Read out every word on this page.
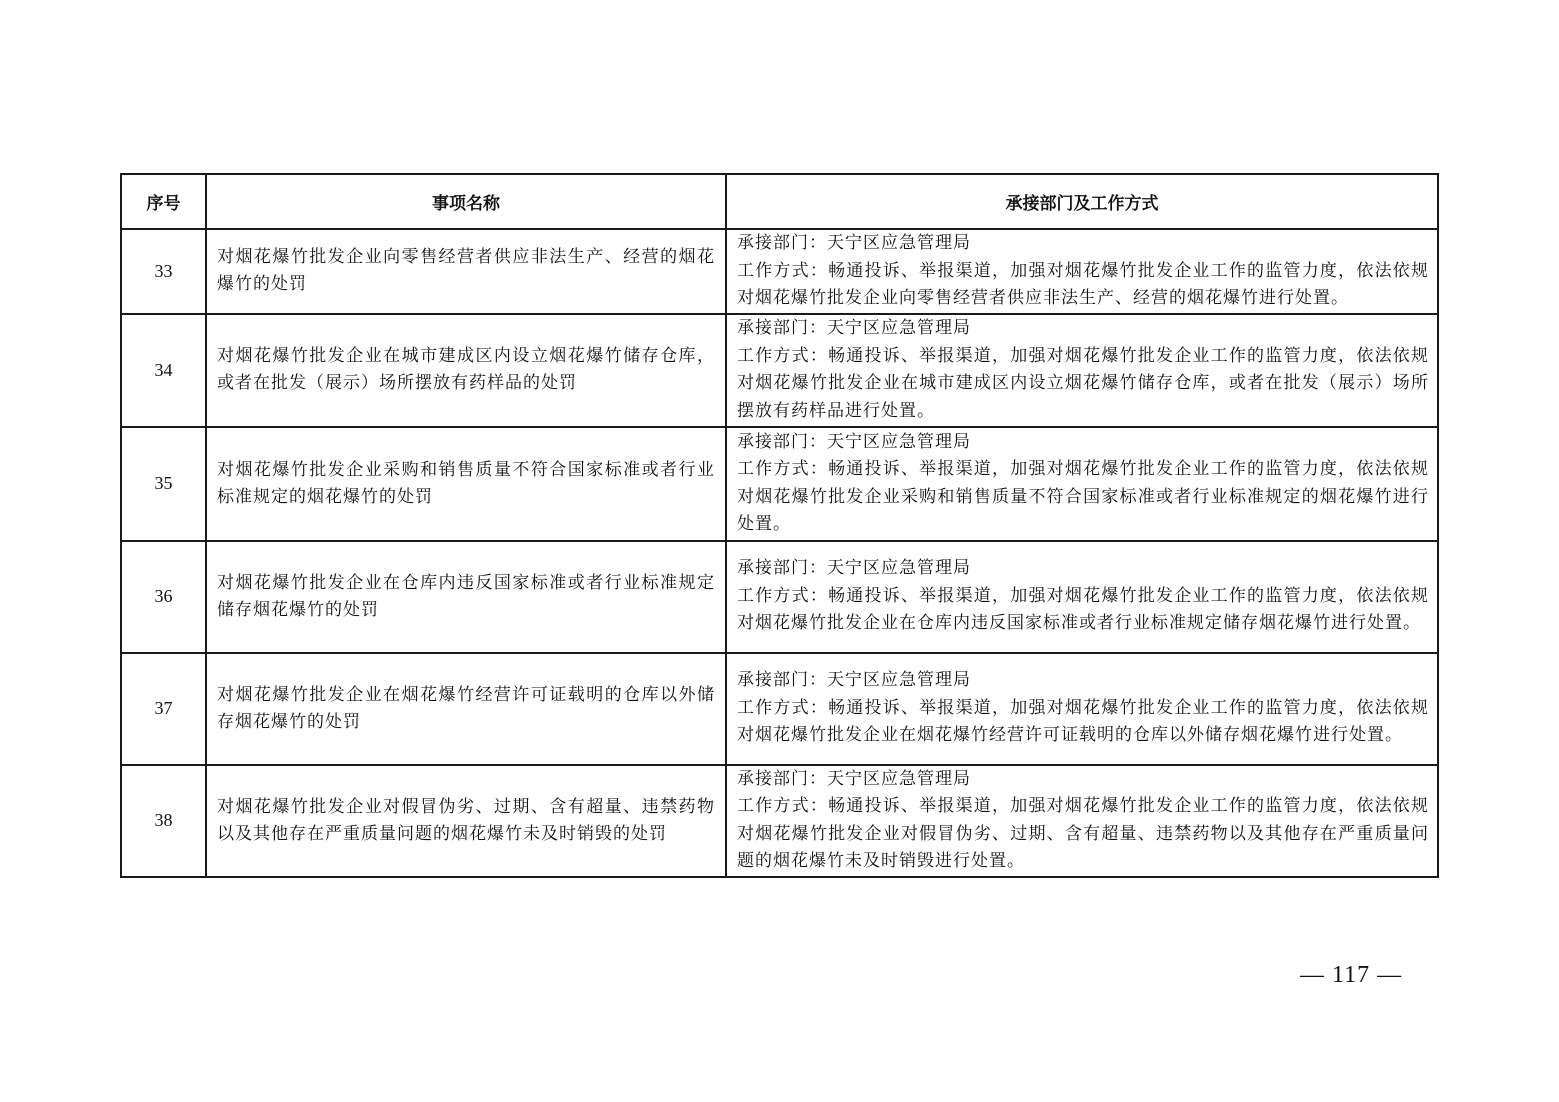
序号	事项名称	承接部门及工作方式
33	对烟花爆竹批发企业向零售经营者供应非法生产、经营的烟花爆竹的处罚	承接部门：天宁区应急管理局
工作方式：畅通投诉、举报渠道，加强对烟花爆竹批发企业工作的监管力度，依法依规对烟花爆竹批发企业向零售经营者供应非法生产、经营的烟花爆竹进行处置。

34	对烟花爆竹批发企业在城市建成区内设立烟花爆竹储存仓库，或者在批发（展示）场所摆放有药样品的处罚	承接部门：天宁区应急管理局
工作方式：畅通投诉、举报渠道，加强对烟花爆竹批发企业工作的监管力度，依法依规对烟花爆竹批发企业在城市建成区内设立烟花爆竹储存仓库，或者在批发（展示）场所摆放有药样品进行处置。

35	对烟花爆竹批发企业采购和销售质量不符合国家标准或者行业标准规定的烟花爆竹的处罚	承接部门：天宁区应急管理局
工作方式：畅通投诉、举报渠道，加强对烟花爆竹批发企业工作的监管力度，依法依规对烟花爆竹批发企业采购和销售质量不符合国家标准或者行业标准规定的烟花爆竹进行处置。

36	对烟花爆竹批发企业在仓库内违反国家标准或者行业标准规定储存烟花爆竹的处罚	承接部门：天宁区应急管理局
工作方式：畅通投诉、举报渠道，加强对烟花爆竹批发企业工作的监管力度，依法依规对烟花爆竹批发企业在仓库内违反国家标准或者行业标准规定储存烟花爆竹进行处置。

37	对烟花爆竹批发企业在烟花爆竹经营许可证载明的仓库以外储存烟花爆竹的处罚	承接部门：天宁区应急管理局
工作方式：畅通投诉、举报渠道，加强对烟花爆竹批发企业工作的监管力度，依法依规对烟花爆竹批发企业在烟花爆竹经营许可证载明的仓库以外储存烟花爆竹进行处置。

38	对烟花爆竹批发企业对假冒伪劣、过期、含有超量、违禁药物以及其他存在严重质量问题的烟花爆竹未及时销毁的处罚	承接部门：天宁区应急管理局
工作方式：畅通投诉、举报渠道，加强对烟花爆竹批发企业工作的监管力度，依法依规对烟花爆竹批发企业对假冒伪劣、过期、含有超量、违禁药物以及其他存在严重质量问题的烟花爆竹未及时销毁进行处置。
— 117 —
